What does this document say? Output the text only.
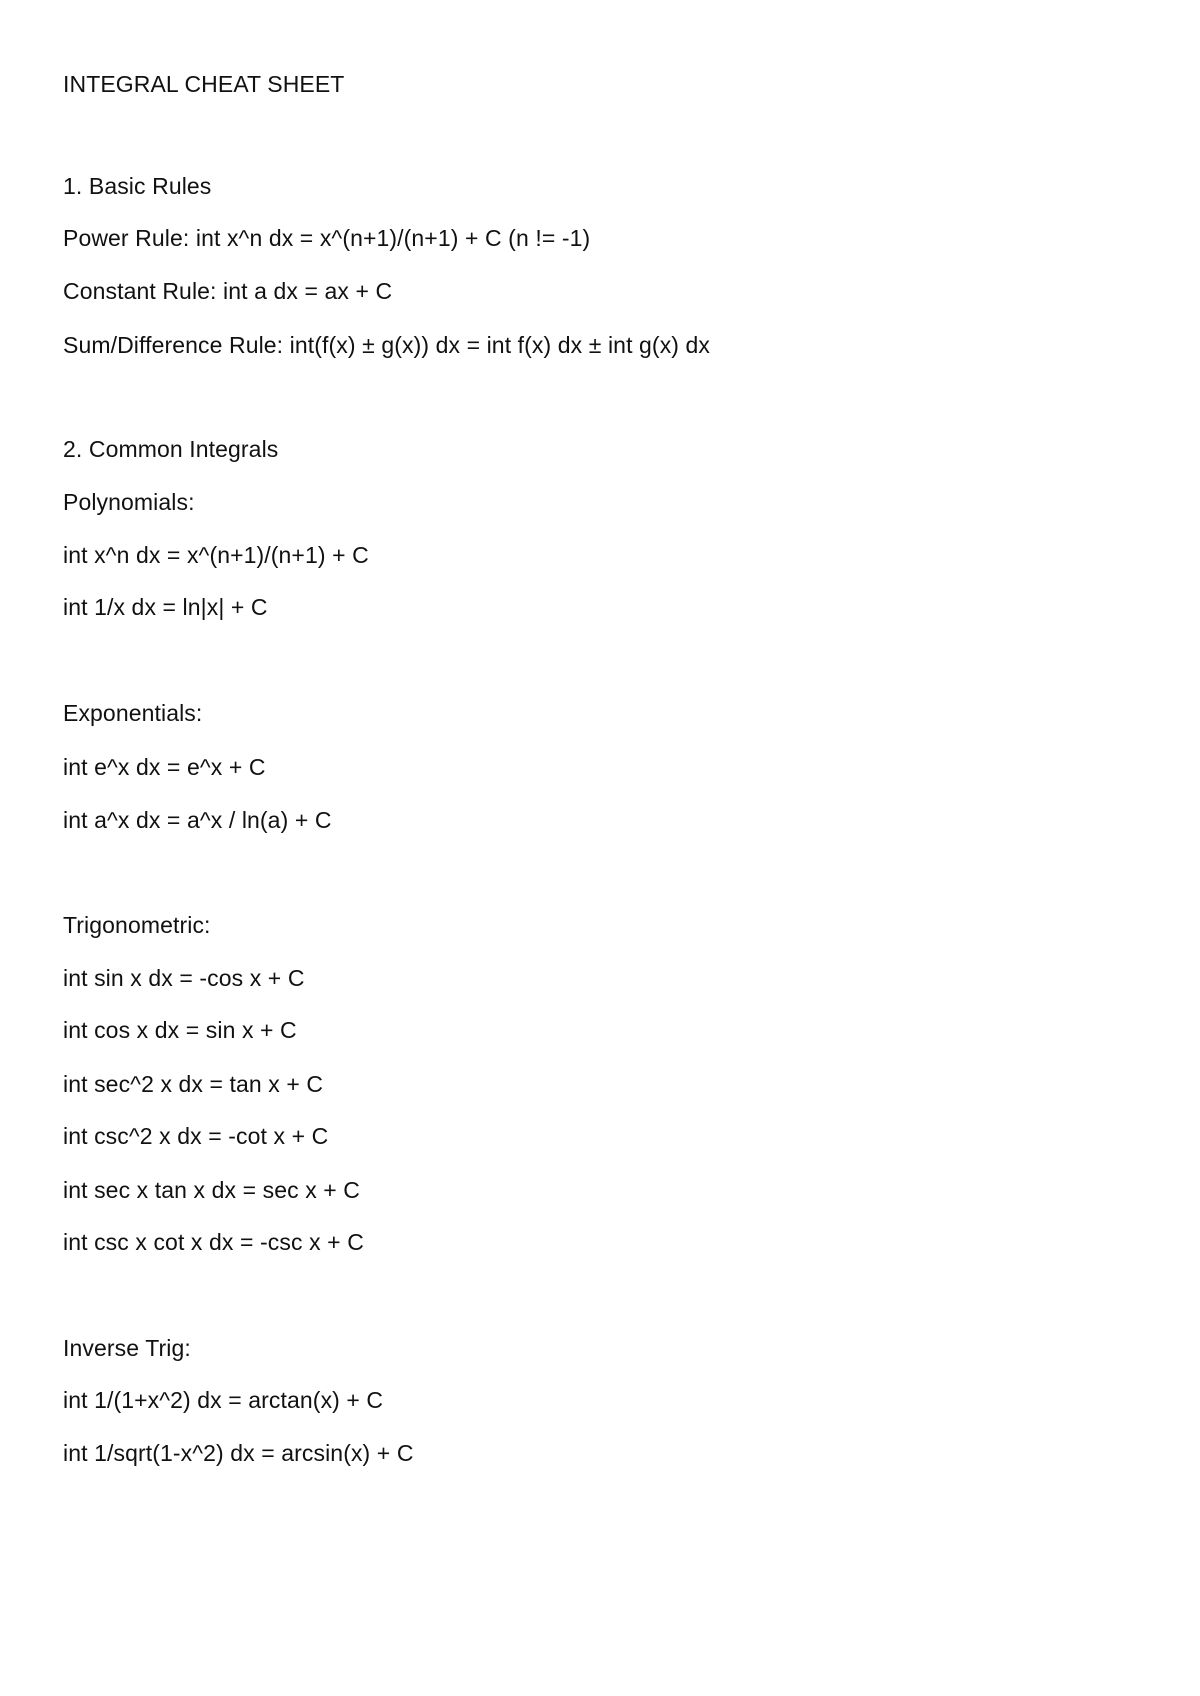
INTEGRAL CHEAT SHEET
1. Basic Rules
Power Rule: int x^n dx = x^(n+1)/(n+1) + C (n != -1)
Constant Rule: int a dx = ax + C
Sum/Difference Rule: int(f(x) ± g(x)) dx = int f(x) dx ± int g(x) dx
2. Common Integrals
Polynomials:
int x^n dx = x^(n+1)/(n+1) + C
int 1/x dx = ln|x| + C
Exponentials:
int e^x dx = e^x + C
int a^x dx = a^x / ln(a) + C
Trigonometric:
int sin x dx = -cos x + C
int cos x dx = sin x + C
int sec^2 x dx = tan x + C
int csc^2 x dx = -cot x + C
int sec x tan x dx = sec x + C
int csc x cot x dx = -csc x + C
Inverse Trig:
int 1/(1+x^2) dx = arctan(x) + C
int 1/sqrt(1-x^2) dx = arcsin(x) + C
